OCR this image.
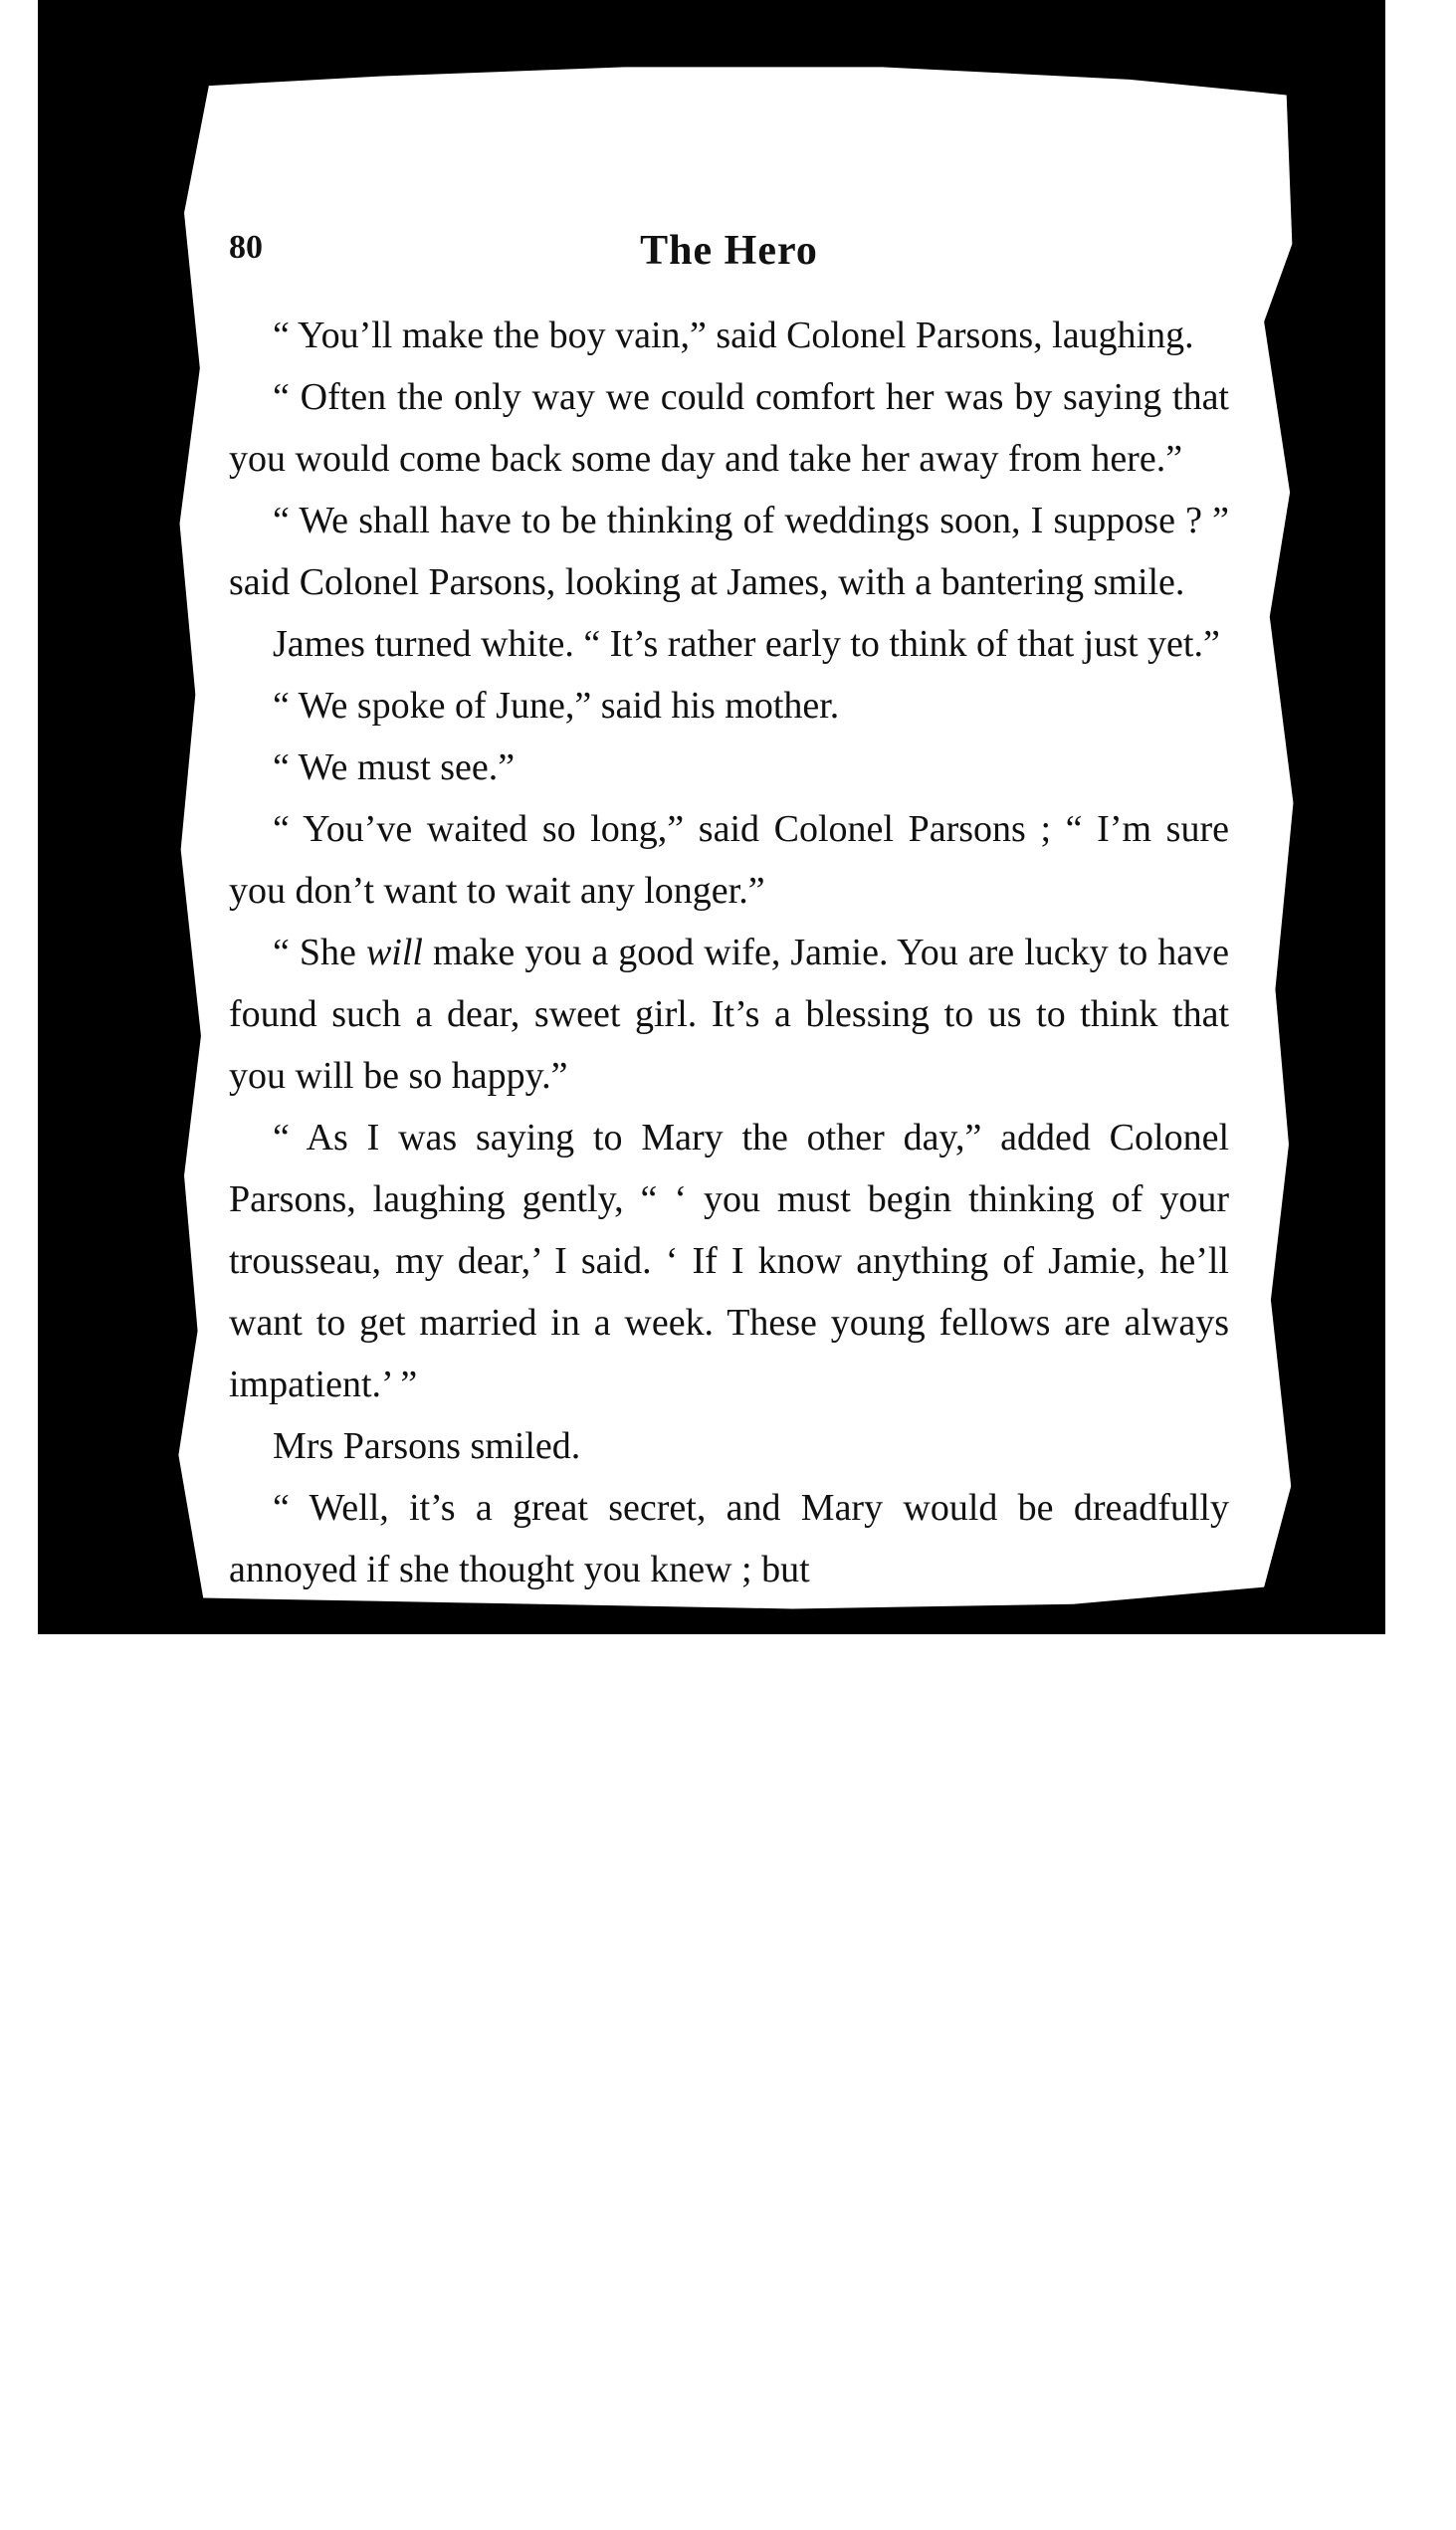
80	The Hero

“ You’ll make the boy vain,” said Colonel Parsons, laughing.

“ Often the only way we could comfort her was by saying that you would come back some day and take her away from here.”

“ We shall have to be thinking of weddings soon, I suppose ? ” said Colonel Parsons, looking at James, with a bantering smile.

James turned white. “ It’s rather early to think of that just yet.”

“ We spoke of June,” said his mother.

“ We must see.”

“ You’ve waited so long,” said Colonel Parsons ; “ I’m sure you don’t want to wait any longer.”

“ She will make you a good wife, Jamie. You are lucky to have found such a dear, sweet girl. It’s a blessing to us to think that you will be so happy.”

“ As I was saying to Mary the other day,” added Colonel Parsons, laughing gently, “ ‘ you must begin thinking of your trousseau, my dear,’ I said. ‘ If I know anything of Jamie, he’ll want to get married in a week. These young fellows are always impatient.’ ”

Mrs Parsons smiled.

“ Well, it’s a great secret, and Mary would be dreadfully annoyed if she thought you knew ; but
